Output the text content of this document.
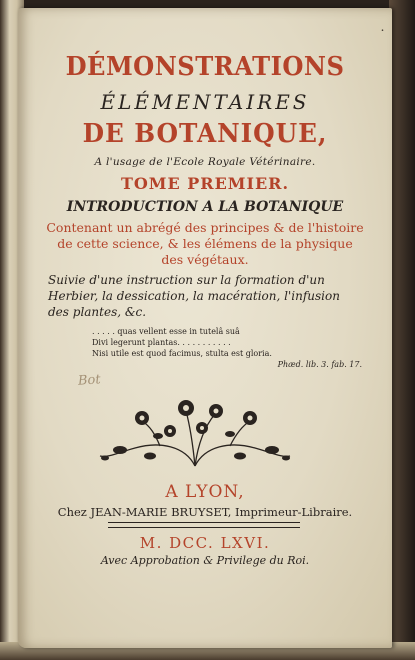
˙
DÉMONSTRATIONS
ÉLÉMENTAIRES
DE BOTANIQUE,
A l'usage de l'Ecole Royale Vétérinaire.
TOME PREMIER.
INTRODUCTION A LA BOTANIQUE
Contenant un abrégé des principes & de l'histoire
de cette science, & les élémens de la physique
des végétaux.
Suivie d'une instruction sur la formation d'un
Herbier, la dessication, la macération, l'infusion
des plantes, &c.
. . . . . quas vellent esse in tutelâ suâ
Divi legerunt plantas. . . . . . . . . . .
Nisi utile est quod facimus, stulta est gloria.
Phæd. lib. 3. fab. 17.
Bot
A LYON,
Chez JEAN-MARIE BRUYSET, Imprimeur-Libraire.
M. DCC. LXVI.
Avec Approbation & Privilege du Roi.
